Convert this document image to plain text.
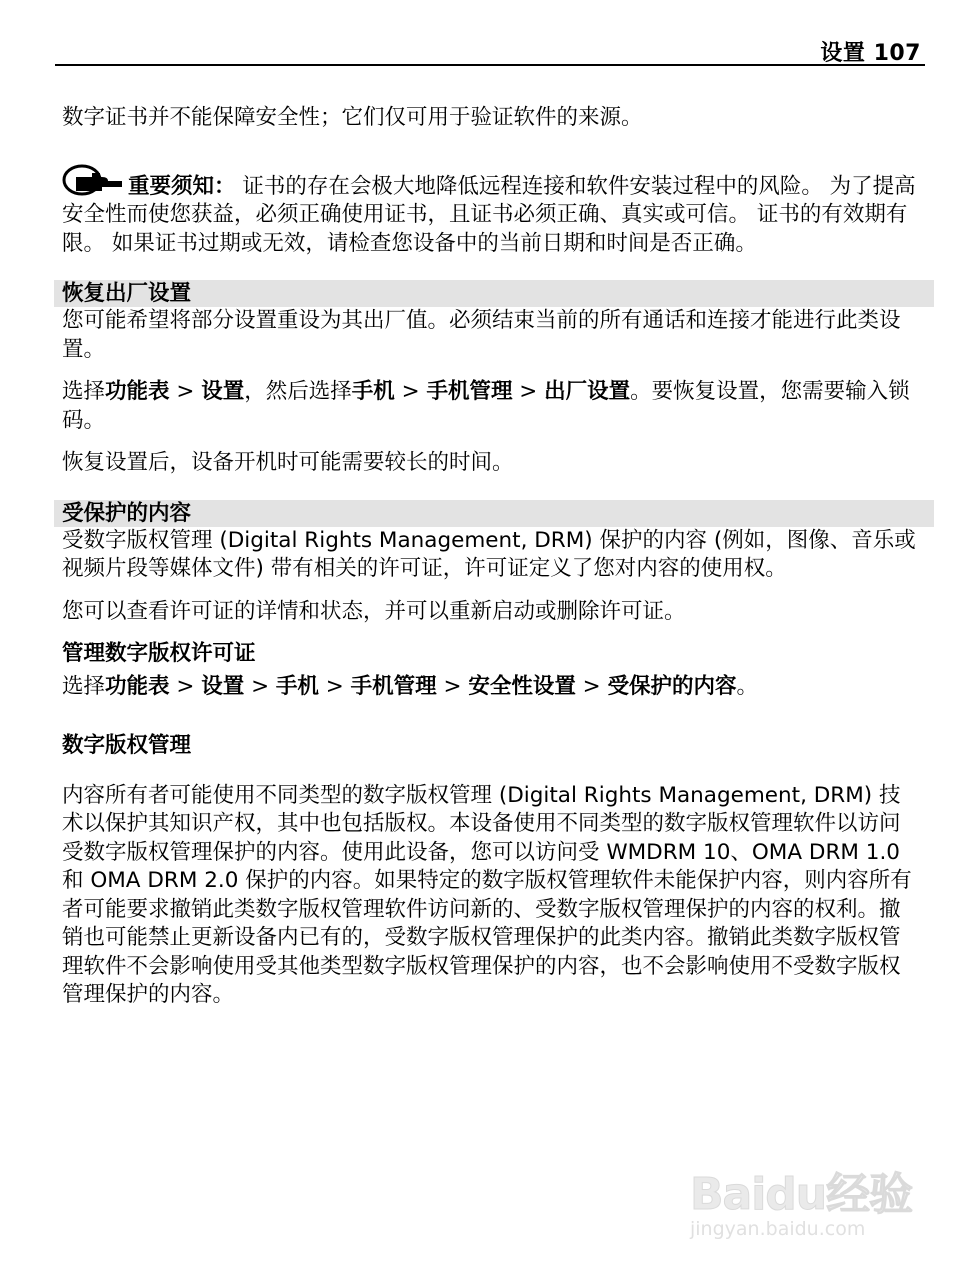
设置 107

数字证书并不能保障安全性；它们仅可用于验证软件的来源。

重要须知： 证书的存在会极大地降低远程连接和软件安装过程中的风险。 为了提高安全性而使您获益，必须正确使用证书，且证书必须正确、真实或可信。 证书的有效期有限。 如果证书过期或无效，请检查您设备中的当前日期和时间是否正确。

恢复出厂设置

您可能希望将部分设置重设为其出厂值。必须结束当前的所有通话和连接才能进行此类设置。

选择功能表 > 设置，然后选择手机 > 手机管理 > 出厂设置。要恢复设置，您需要输入锁码。

恢复设置后，设备开机时可能需要较长的时间。

受保护的内容

受数字版权管理 (Digital Rights Management, DRM) 保护的内容 (例如，图像、音乐或视频片段等媒体文件) 带有相关的许可证，许可证定义了您对内容的使用权。

您可以查看许可证的详情和状态，并可以重新启动或删除许可证。

管理数字版权许可证

选择功能表 > 设置 > 手机 > 手机管理 > 安全性设置 > 受保护的内容。

数字版权管理

内容所有者可能使用不同类型的数字版权管理 (Digital Rights Management, DRM) 技术以保护其知识产权，其中也包括版权。本设备使用不同类型的数字版权管理软件以访问受数字版权管理保护的内容。使用此设备，您可以访问受 WMDRM 10、OMA DRM 1.0 和 OMA DRM 2.0 保护的内容。如果特定的数字版权管理软件未能保护内容，则内容所有者可能要求撤销此类数字版权管理软件访问新的、受数字版权管理保护的内容的权利。撤销也可能禁止更新设备内已有的，受数字版权管理保护的此类内容。撤销此类数字版权管理软件不会影响使用受其他类型数字版权管理保护的内容，也不会影响使用不受数字版权管理保护的内容。

Baidu经验
jingyan.baidu.com
